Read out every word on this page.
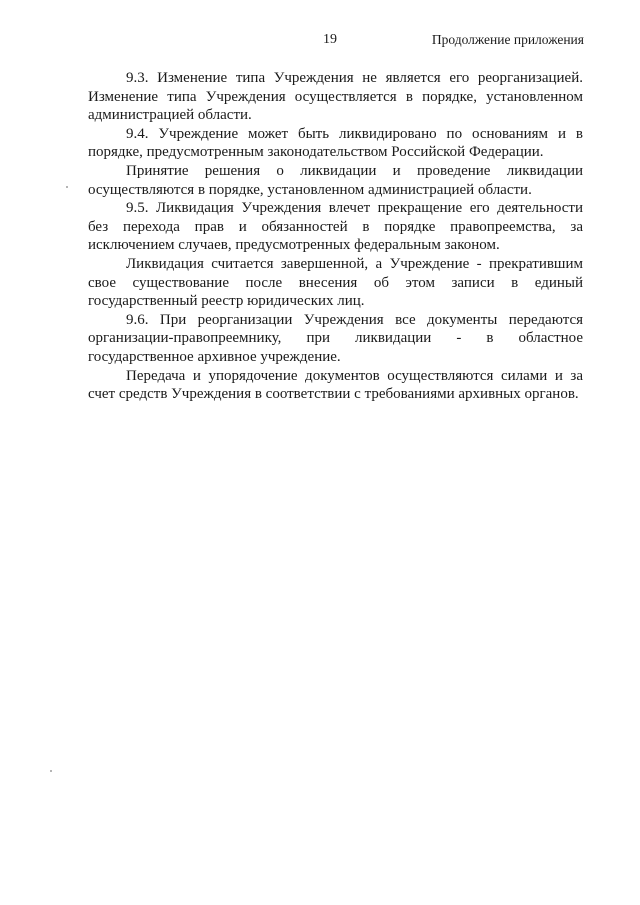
19	Продолжение приложения

9.3. Изменение типа Учреждения не является его реорганизацией. Изменение типа Учреждения осуществляется в порядке, установленном администрацией области.

9.4. Учреждение может быть ликвидировано по основаниям и в порядке, предусмотренным законодательством Российской Федерации.

Принятие решения о ликвидации и проведение ликвидации осуществляются в порядке, установленном администрацией области.

9.5. Ликвидация Учреждения влечет прекращение его деятельности без перехода прав и обязанностей в порядке правопреемства, за исключением случаев, предусмотренных федеральным законом.

Ликвидация считается завершенной, а Учреждение - прекратившим свое существование после внесения об этом записи в единый государственный реестр юридических лиц.

9.6. При реорганизации Учреждения все документы передаются организации-правопреемнику, при ликвидации - в областное государственное архивное учреждение.

Передача и упорядочение документов осуществляются силами и за счет средств Учреждения в соответствии с требованиями архивных органов.
